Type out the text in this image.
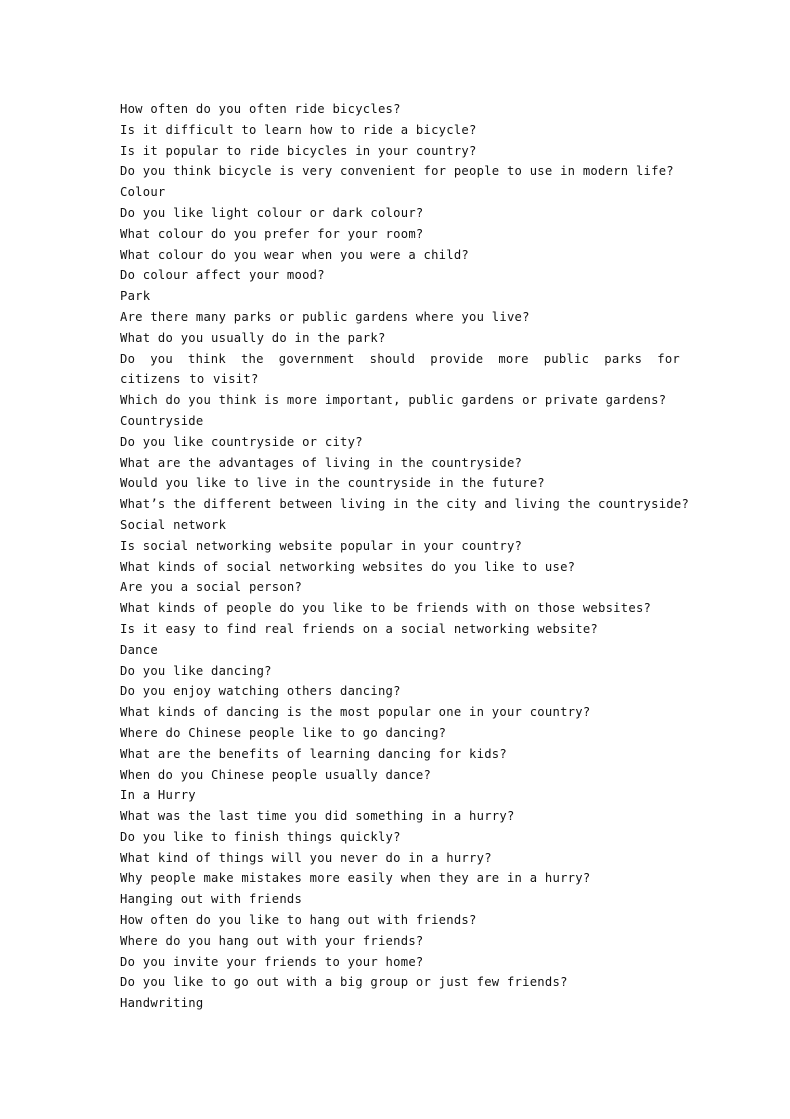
How often do you often ride bicycles?
Is it difficult to learn how to ride a bicycle?
Is it popular to ride bicycles in your country?
Do you think bicycle is very convenient for people to use in modern life?
Colour
Do you like light colour or dark colour?
What colour do you prefer for your room?
What colour do you wear when you were a child?
Do colour affect your mood?
Park
Are there many parks or public gardens where you live?
What do you usually do in the park?
Do you think the government should provide more public parks for citizens to visit?
Which do you think is more important, public gardens or private gardens?
Countryside
Do you like countryside or city?
What are the advantages of living in the countryside?
Would you like to live in the countryside in the future?
What’s the different between living in the city and living the countryside?
Social network
Is social networking website popular in your country?
What kinds of social networking websites do you like to use?
Are you a social person?
What kinds of people do you like to be friends with on those websites?
Is it easy to find real friends on a social networking website?
Dance
Do you like dancing?
Do you enjoy watching others dancing?
What kinds of dancing is the most popular one in your country?
Where do Chinese people like to go dancing?
What are the benefits of learning dancing for kids?
When do you Chinese people usually dance?
In a Hurry
What was the last time you did something in a hurry?
Do you like to finish things quickly?
What kind of things will you never do in a hurry?
Why people make mistakes more easily when they are in a hurry?
Hanging out with friends
How often do you like to hang out with friends?
Where do you hang out with your friends?
Do you invite your friends to your home?
Do you like to go out with a big group or just few friends?
Handwriting
